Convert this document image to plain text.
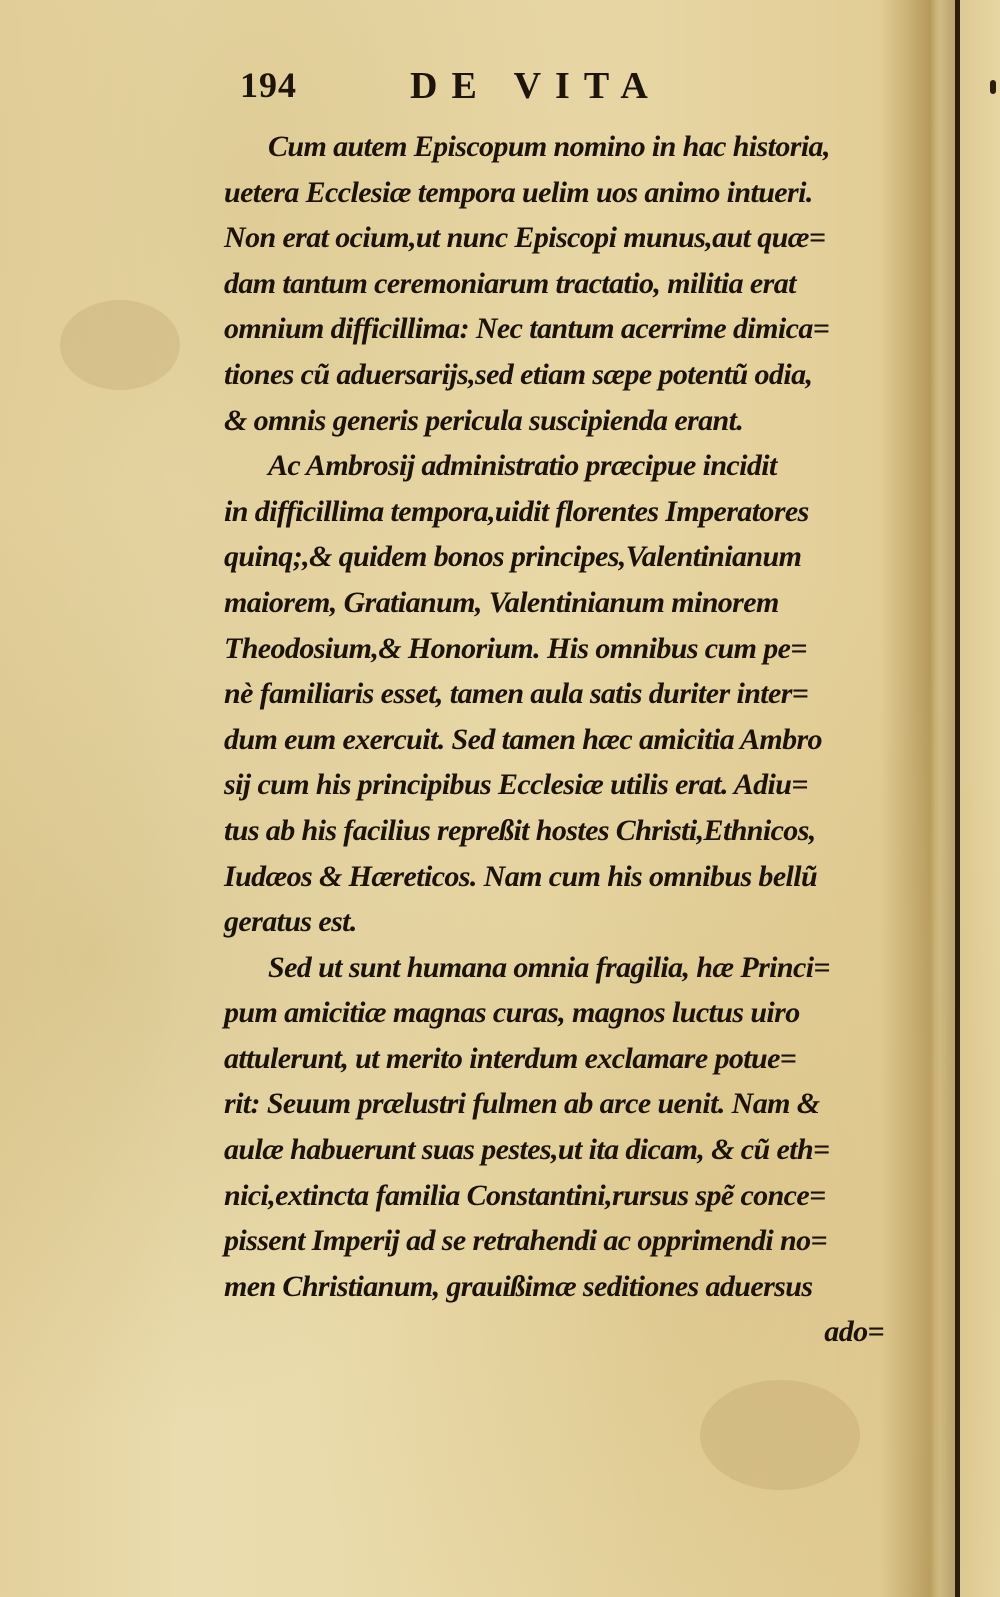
194	DE VITA
Cum autem Episcopum nomino in hac historia,
uetera Ecclesiæ tempora uelim uos animo intueri.
Non erat ocium,ut nunc Episcopi munus,aut quæ=
dam tantum ceremoniarum tractatio, militia erat
omnium difficillima: Nec tantum acerrime dimica=
tiones cũ aduersarijs,sed etiam sæpe potentũ odia,
& omnis generis pericula suscipienda erant.
Ac Ambrosij administratio præcipue incidit
in difficillima tempora,uidit florentes Imperatores
quinq;,& quidem bonos principes,Valentinianum
maiorem, Gratianum, Valentinianum minorem
Theodosium,& Honorium. His omnibus cum pe=
nè familiaris esset, tamen aula satis duriter inter=
dum eum exercuit. Sed tamen hæc amicitia Ambro
sij cum his principibus Ecclesiæ utilis erat. Adiu=
tus ab his facilius repreßit hostes Christi,Ethnicos,
Iudæos & Hæreticos. Nam cum his omnibus bellũ
geratus est.
Sed ut sunt humana omnia fragilia, hæ Princi=
pum amicitiæ magnas curas, magnos luctus uiro
attulerunt, ut merito interdum exclamare potue=
rit: Seuum prælustri fulmen ab arce uenit. Nam &
aulæ habuerunt suas pestes,ut ita dicam, & cũ eth=
nici,extincta familia Constantini,rursus spẽ conce=
pissent Imperij ad se retrahendi ac opprimendi no=
men Christianum, grauißimæ seditiones aduersus
ado=
